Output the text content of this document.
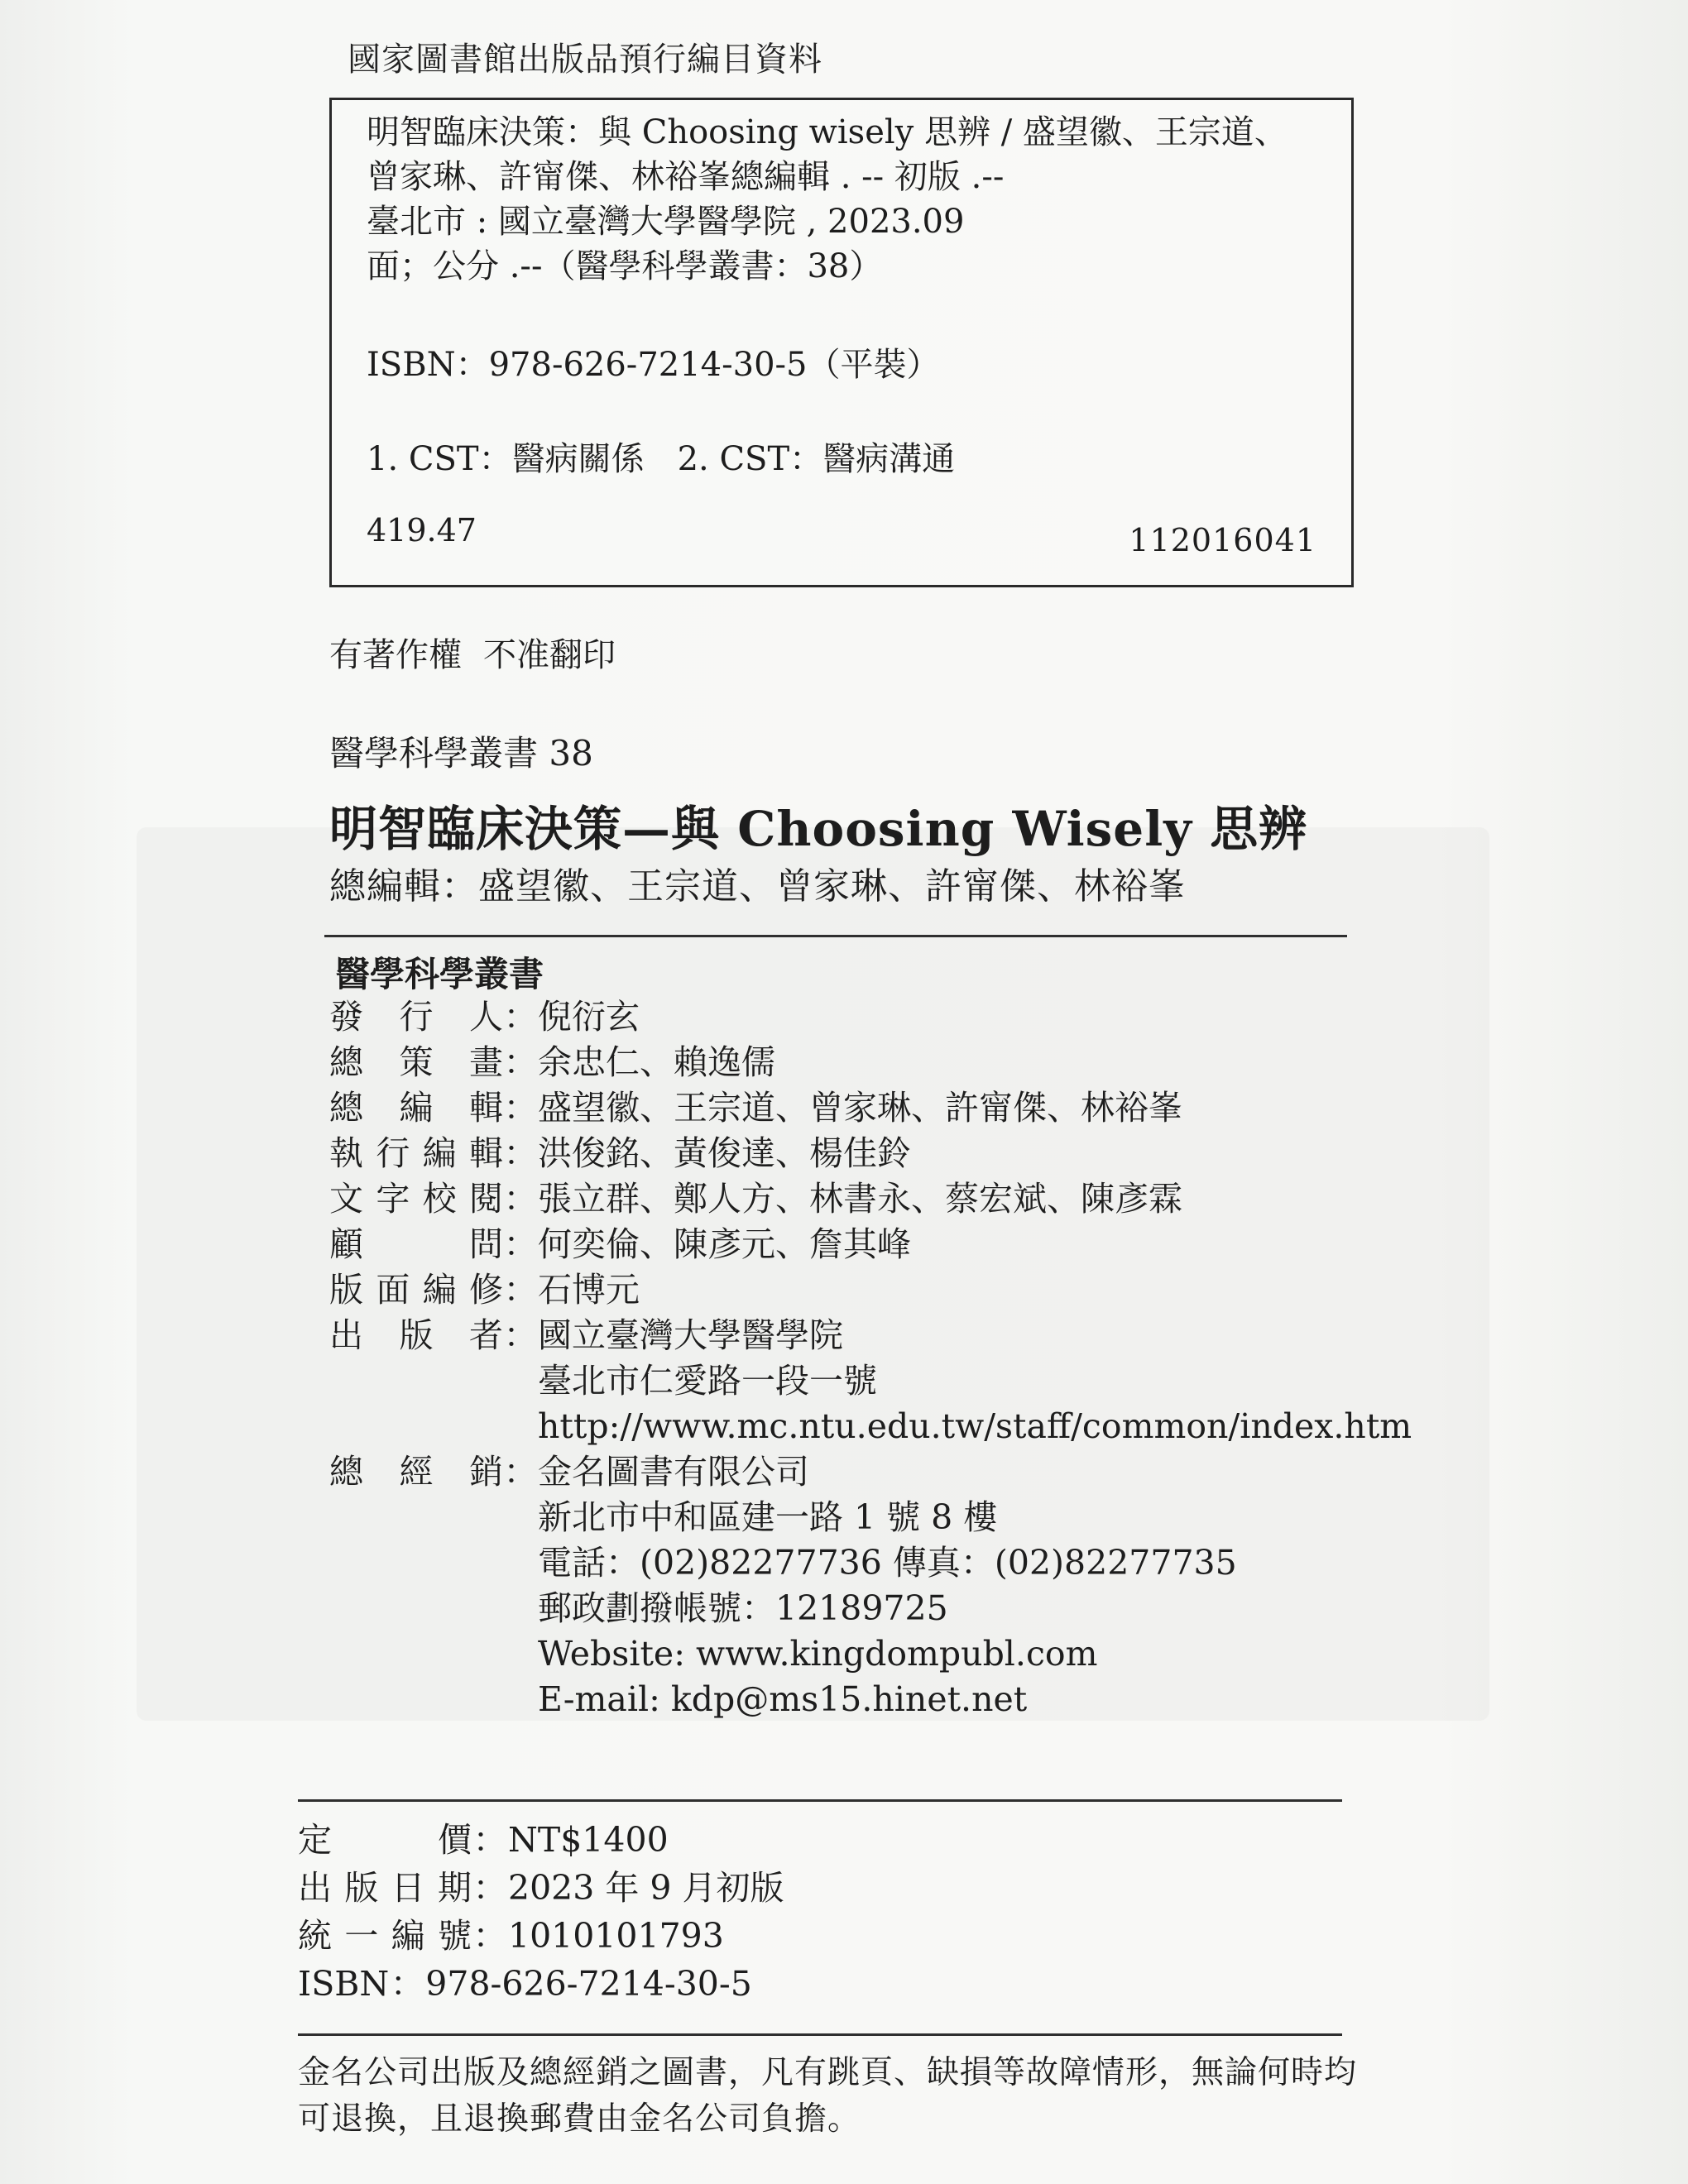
國家圖書館出版品預行編目資料
明智臨床決策：與 Choosing wisely 思辨 / 盛望徽、王宗道、
曾家琳、許甯傑、林裕峯總編輯 . -- 初版 .--
臺北市 : 國立臺灣大學醫學院 , 2023.09
面；公分 .--（醫學科學叢書：38）
ISBN：978-626-7214-30-5（平裝）
1. CST：醫病關係　2. CST：醫病溝通
419.47	112016041
有著作權 不准翻印
醫學科學叢書 38
明智臨床決策—與 Choosing Wisely 思辨
總編輯：盛望徽、王宗道、曾家琳、許甯傑、林裕峯
醫學科學叢書
發行人 ： 倪衍玄
總策畫 ： 余忠仁、賴逸儒
總編輯 ： 盛望徽、王宗道、曾家琳、許甯傑、林裕峯
執行編輯 ： 洪俊銘、黃俊達、楊佳鈴
文字校閱 ： 張立群、鄭人方、林書永、蔡宏斌、陳彥霖
顧問 ： 何奕倫、陳彥元、詹其峰
版面編修 ： 石博元
出版者 ： 國立臺灣大學醫學院
臺北市仁愛路一段一號
http://www.mc.ntu.edu.tw/staff/common/index.htm
總經銷 ： 金名圖書有限公司
新北市中和區建一路 1 號 8 樓
電話：(02)82277736 傳真：(02)82277735
郵政劃撥帳號：12189725
Website: www.kingdompubl.com
E-mail: kdp@ms15.hinet.net
定價 ： NT$1400
出版日期 ： 2023 年 9 月初版
統一編號 ： 1010101793
ISBN ： 978-626-7214-30-5
金名公司出版及總經銷之圖書，凡有跳頁、缺損等故障情形，無論何時均
可退換，且退換郵費由金名公司負擔。
